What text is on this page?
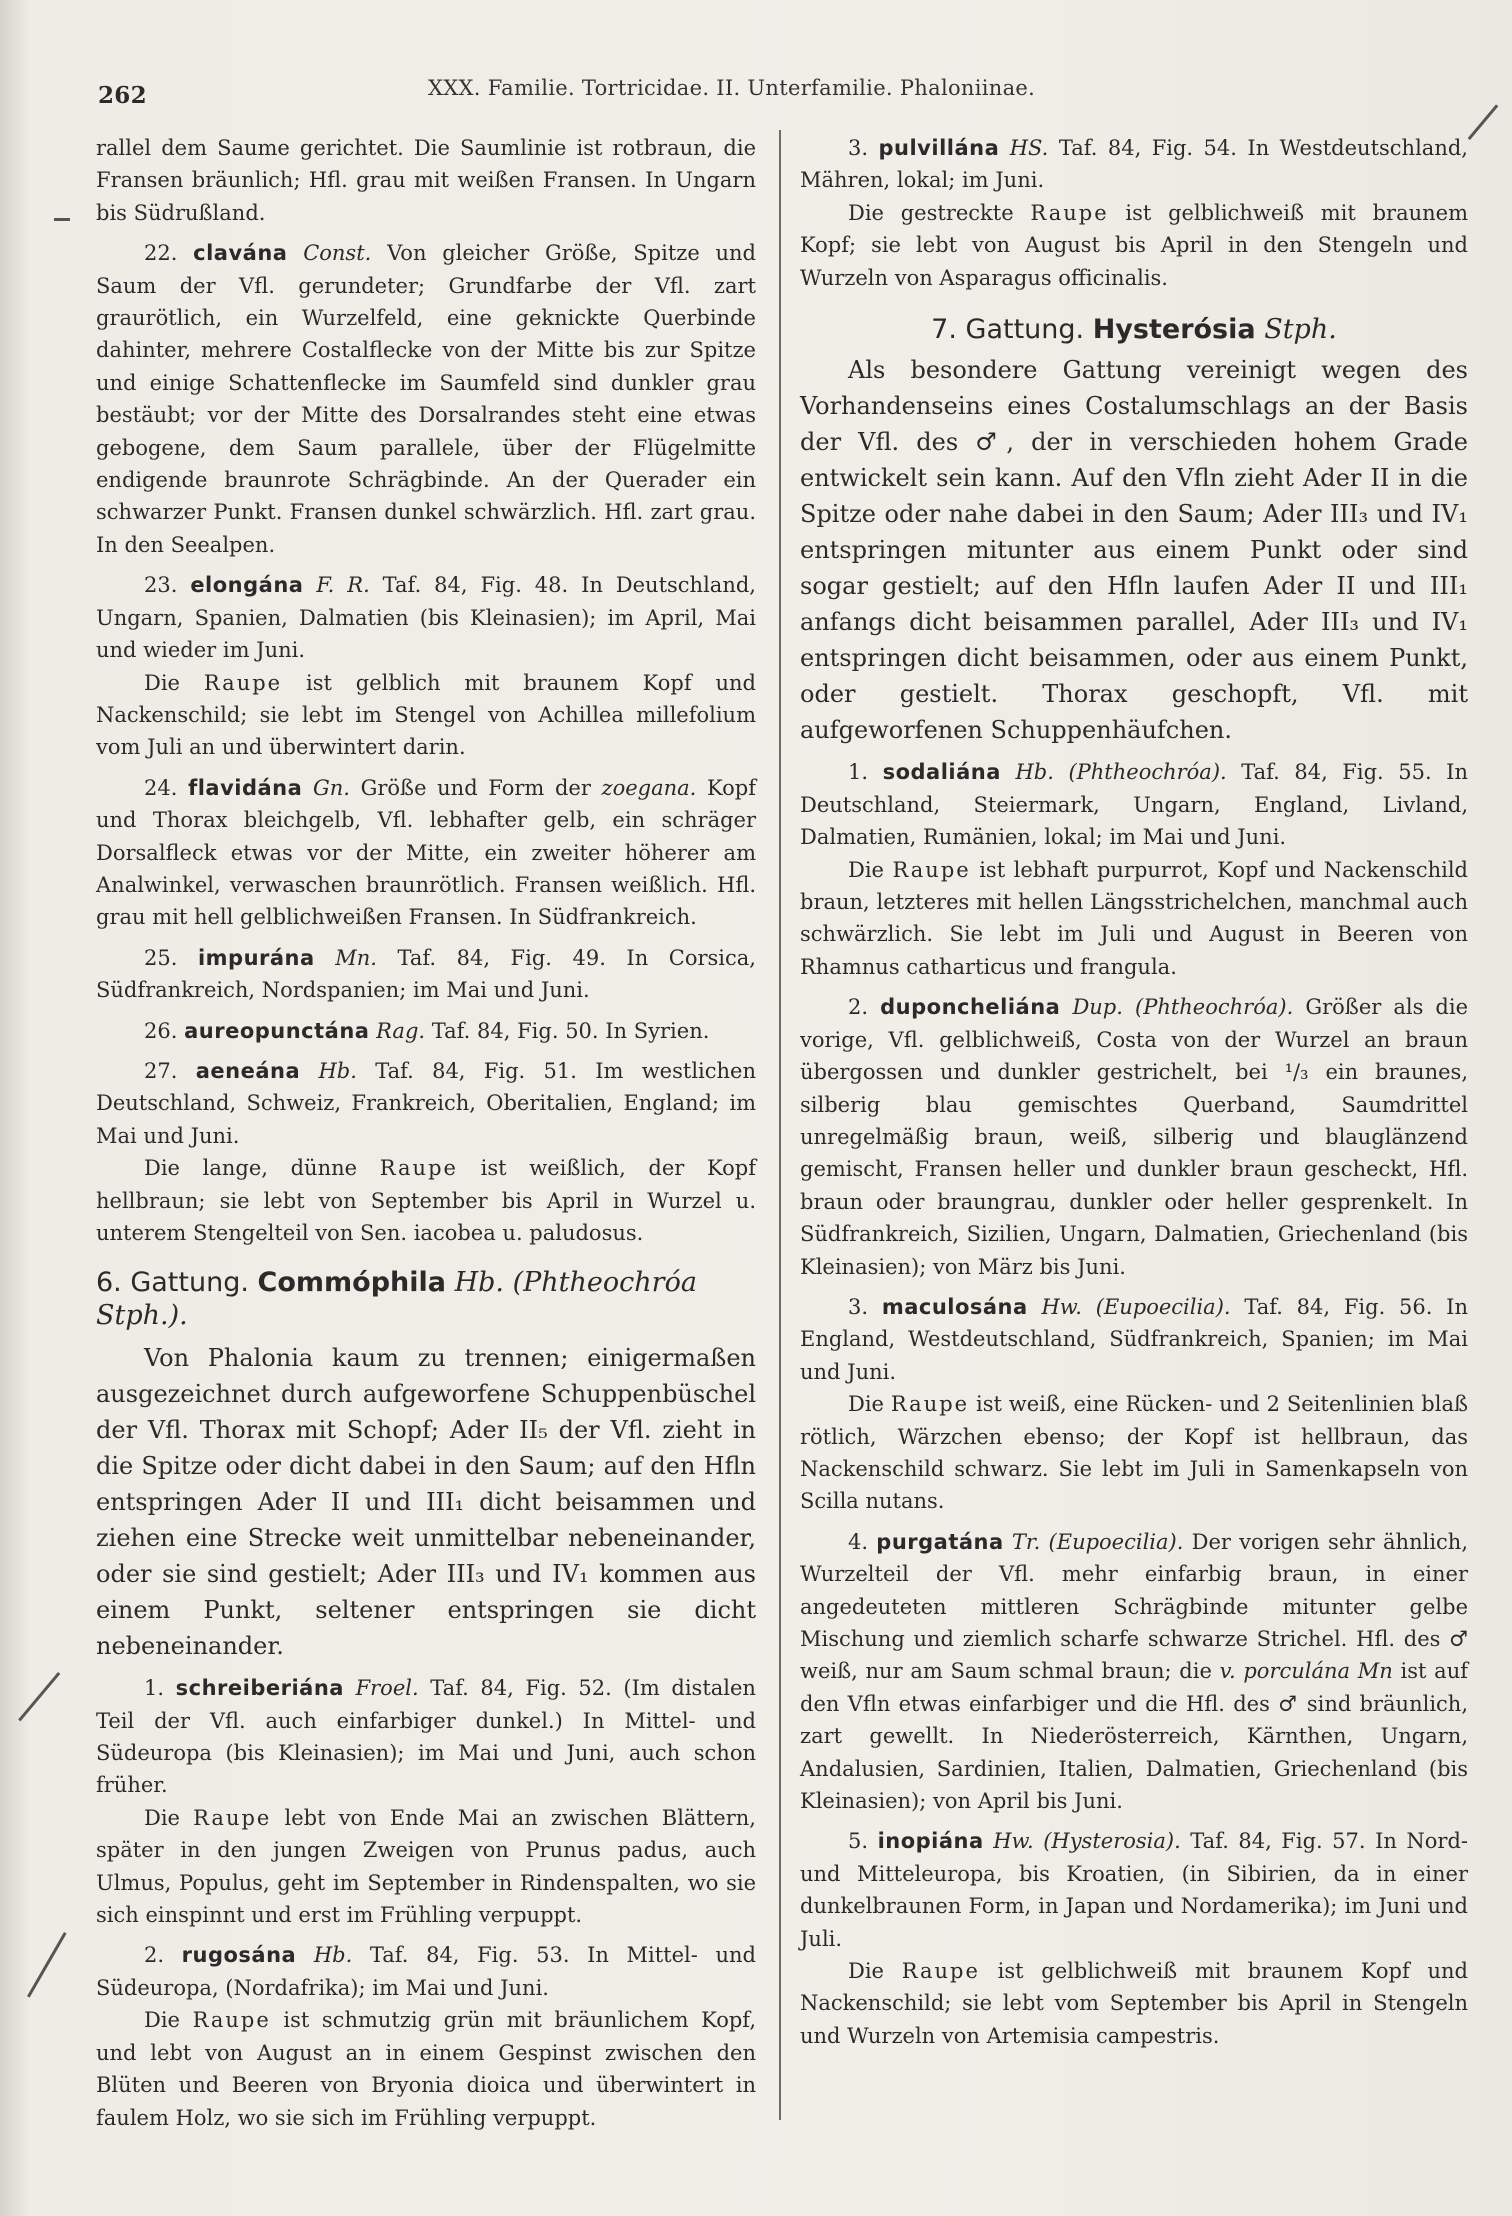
262	XXX. Familie. Tortricidae. II. Unterfamilie. Phaloniinae.

rallel dem Saume gerichtet. Die Saumlinie ist rotbraun, die Fransen bräunlich; Hfl. grau mit weißen Fransen. In Ungarn bis Südrußland.

22. clavána Const. Von gleicher Größe, Spitze und Saum der Vfl. gerundeter; Grundfarbe der Vfl. zart graurötlich, ein Wurzelfeld, eine geknickte Querbinde dahinter, mehrere Costalflecke von der Mitte bis zur Spitze und einige Schattenflecke im Saumfeld sind dunkler grau bestäubt; vor der Mitte des Dorsalrandes steht eine etwas gebogene, dem Saum parallele, über der Flügelmitte endigende braunrote Schrägbinde. An der Querader ein schwarzer Punkt. Fransen dunkel schwärzlich. Hfl. zart grau. In den Seealpen.

23. elongána F. R. Taf. 84, Fig. 48. In Deutschland, Ungarn, Spanien, Dalmatien (bis Kleinasien); im April, Mai und wieder im Juni.

Die Raupe ist gelblich mit braunem Kopf und Nackenschild; sie lebt im Stengel von Achillea millefolium vom Juli an und überwintert darin.

24. flavidána Gn. Größe und Form der zoegana. Kopf und Thorax bleichgelb, Vfl. lebhafter gelb, ein schräger Dorsalfleck etwas vor der Mitte, ein zweiter höherer am Analwinkel, verwaschen braunrötlich. Fransen weißlich. Hfl. grau mit hell gelblichweißen Fransen. In Südfrankreich.

25. impurána Mn. Taf. 84, Fig. 49. In Corsica, Südfrankreich, Nordspanien; im Mai und Juni.

26. aureopunctána Rag. Taf. 84, Fig. 50. In Syrien.

27. aeneána Hb. Taf. 84, Fig. 51. Im westlichen Deutschland, Schweiz, Frankreich, Oberitalien, England; im Mai und Juni.

Die lange, dünne Raupe ist weißlich, der Kopf hellbraun; sie lebt von September bis April in Wurzel u. unterem Stengelteil von Sen. iacobea u. paludosus.

6. Gattung. Commóphila Hb. (Phtheochróa Stph.).

Von Phalonia kaum zu trennen; einigermaßen ausgezeichnet durch aufgeworfene Schuppenbüschel der Vfl. Thorax mit Schopf; Ader II₅ der Vfl. zieht in die Spitze oder dicht dabei in den Saum; auf den Hfln entspringen Ader II und III₁ dicht beisammen und ziehen eine Strecke weit unmittelbar nebeneinander, oder sie sind gestielt; Ader III₃ und IV₁ kommen aus einem Punkt, seltener entspringen sie dicht nebeneinander.

1. schreiberiána Froel. Taf. 84, Fig. 52. (Im distalen Teil der Vfl. auch einfarbiger dunkel.) In Mittel- und Südeuropa (bis Kleinasien); im Mai und Juni, auch schon früher.

Die Raupe lebt von Ende Mai an zwischen Blättern, später in den jungen Zweigen von Prunus padus, auch Ulmus, Populus, geht im September in Rindenspalten, wo sie sich einspinnt und erst im Frühling verpuppt.

2. rugosána Hb. Taf. 84, Fig. 53. In Mittel- und Südeuropa, (Nordafrika); im Mai und Juni.

Die Raupe ist schmutzig grün mit bräunlichem Kopf, und lebt von August an in einem Gespinst zwischen den Blüten und Beeren von Bryonia dioica und überwintert in faulem Holz, wo sie sich im Frühling verpuppt.

3. pulvillána HS. Taf. 84, Fig. 54. In Westdeutschland, Mähren, lokal; im Juni.

Die gestreckte Raupe ist gelblichweiß mit braunem Kopf; sie lebt von August bis April in den Stengeln und Wurzeln von Asparagus officinalis.

7. Gattung. Hysterósia Stph.

Als besondere Gattung vereinigt wegen des Vorhandenseins eines Costalumschlags an der Basis der Vfl. des ♂, der in verschieden hohem Grade entwickelt sein kann. Auf den Vfln zieht Ader II in die Spitze oder nahe dabei in den Saum; Ader III₃ und IV₁ entspringen mitunter aus einem Punkt oder sind sogar gestielt; auf den Hfln laufen Ader II und III₁ anfangs dicht beisammen parallel, Ader III₃ und IV₁ entspringen dicht beisammen, oder aus einem Punkt, oder gestielt. Thorax geschopft, Vfl. mit aufgeworfenen Schuppenhäufchen.

1. sodaliána Hb. (Phtheochróa). Taf. 84, Fig. 55. In Deutschland, Steiermark, Ungarn, England, Livland, Dalmatien, Rumänien, lokal; im Mai und Juni.

Die Raupe ist lebhaft purpurrot, Kopf und Nackenschild braun, letzteres mit hellen Längsstrichelchen, manchmal auch schwärzlich. Sie lebt im Juli und August in Beeren von Rhamnus catharticus und frangula.

2. duponcheliána Dup. (Phtheochróa). Größer als die vorige, Vfl. gelblichweiß, Costa von der Wurzel an braun übergossen und dunkler gestrichelt, bei ¹/₃ ein braunes, silberig blau gemischtes Querband, Saumdrittel unregelmäßig braun, weiß, silberig und blauglänzend gemischt, Fransen heller und dunkler braun gescheckt, Hfl. braun oder braungrau, dunkler oder heller gesprenkelt. In Südfrankreich, Sizilien, Ungarn, Dalmatien, Griechenland (bis Kleinasien); von März bis Juni.

3. maculosána Hw. (Eupoecilia). Taf. 84, Fig. 56. In England, Westdeutschland, Südfrankreich, Spanien; im Mai und Juni.

Die Raupe ist weiß, eine Rücken- und 2 Seitenlinien blaß rötlich, Wärzchen ebenso; der Kopf ist hellbraun, das Nackenschild schwarz. Sie lebt im Juli in Samenkapseln von Scilla nutans.

4. purgatána Tr. (Eupoecilia). Der vorigen sehr ähnlich, Wurzelteil der Vfl. mehr einfarbig braun, in einer angedeuteten mittleren Schrägbinde mitunter gelbe Mischung und ziemlich scharfe schwarze Strichel. Hfl. des ♂ weiß, nur am Saum schmal braun; die v. porculána Mn ist auf den Vfln etwas einfarbiger und die Hfl. des ♂ sind bräunlich, zart gewellt. In Niederösterreich, Kärnthen, Ungarn, Andalusien, Sardinien, Italien, Dalmatien, Griechenland (bis Kleinasien); von April bis Juni.

5. inopiána Hw. (Hysterosia). Taf. 84, Fig. 57. In Nord- und Mitteleuropa, bis Kroatien, (in Sibirien, da in einer dunkelbraunen Form, in Japan und Nordamerika); im Juni und Juli.

Die Raupe ist gelblichweiß mit braunem Kopf und Nackenschild; sie lebt vom September bis April in Stengeln und Wurzeln von Artemisia campestris.
